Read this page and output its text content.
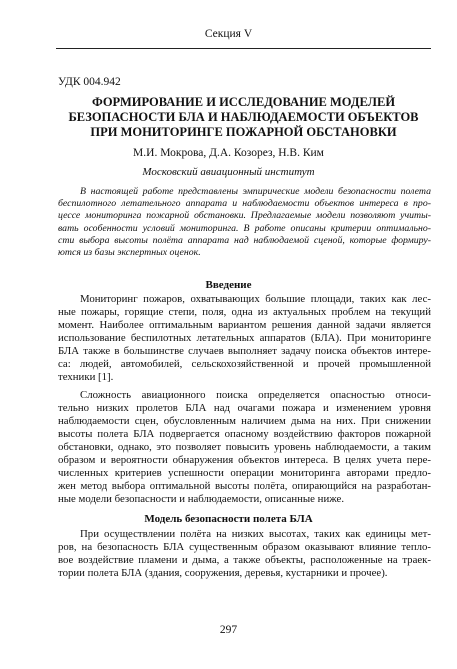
Секция V
УДК 004.942
ФОРМИРОВАНИЕ И ИССЛЕДОВАНИЕ МОДЕЛЕЙ
БЕЗОПАСНОСТИ БЛА И НАБЛЮДАЕМОСТИ ОБЪЕКТОВ
ПРИ МОНИТОРИНГЕ ПОЖАРНОЙ ОБСТАНОВКИ
М.И. Мокрова, Д.А. Козорез, Н.В. Ким
Московский авиационный институт
В настоящей работе представлены эмпирические модели безопасности полета
беспилотного летательного аппарата и наблюдаемости объектов интереса в про-
цессе мониторинга пожарной обстановки. Предлагаемые модели позволяют учиты-
вать особенности условий мониторинга. В работе описаны критерии оптимально-
сти выбора высоты полёта аппарата над наблюдаемой сценой, которые формиру-
ются из базы экспертных оценок.
Введение
Мониторинг пожаров, охватывающих большие площади, таких как лес-
ные пожары, горящие степи, поля, одна из актуальных проблем на текущий
момент. Наиболее оптимальным вариантом решения данной задачи является
использование беспилотных летательных аппаратов (БЛА). При мониторинге
БЛА также в большинстве случаев выполняет задачу поиска объектов интере-
са: людей, автомобилей, сельскохозяйственной и прочей промышленной
техники [1].
Сложность авиационного поиска определяется опасностью относи-
тельно низких пролетов БЛА над очагами пожара и изменением уровня
наблюдаемости сцен, обусловленным наличием дыма на них. При снижении
высоты полета БЛА подвергается опасному воздействию факторов пожарной
обстановки, однако, это позволяет повысить уровень наблюдаемости, а таким
образом и вероятности обнаружения объектов интереса. В целях учета пере-
численных критериев успешности операции мониторинга авторами предло-
жен метод выбора оптимальной высоты полёта, опирающийся на разработан-
ные модели безопасности и наблюдаемости, описанные ниже.
Модель безопасности полета БЛА
При осуществлении полёта на низких высотах, таких как единицы мет-
ров, на безопасность БЛА существенным образом оказывают влияние тепло-
вое воздействие пламени и дыма, а также объекты, расположенные на траек-
тории полета БЛА (здания, сооружения, деревья, кустарники и прочее).
297
